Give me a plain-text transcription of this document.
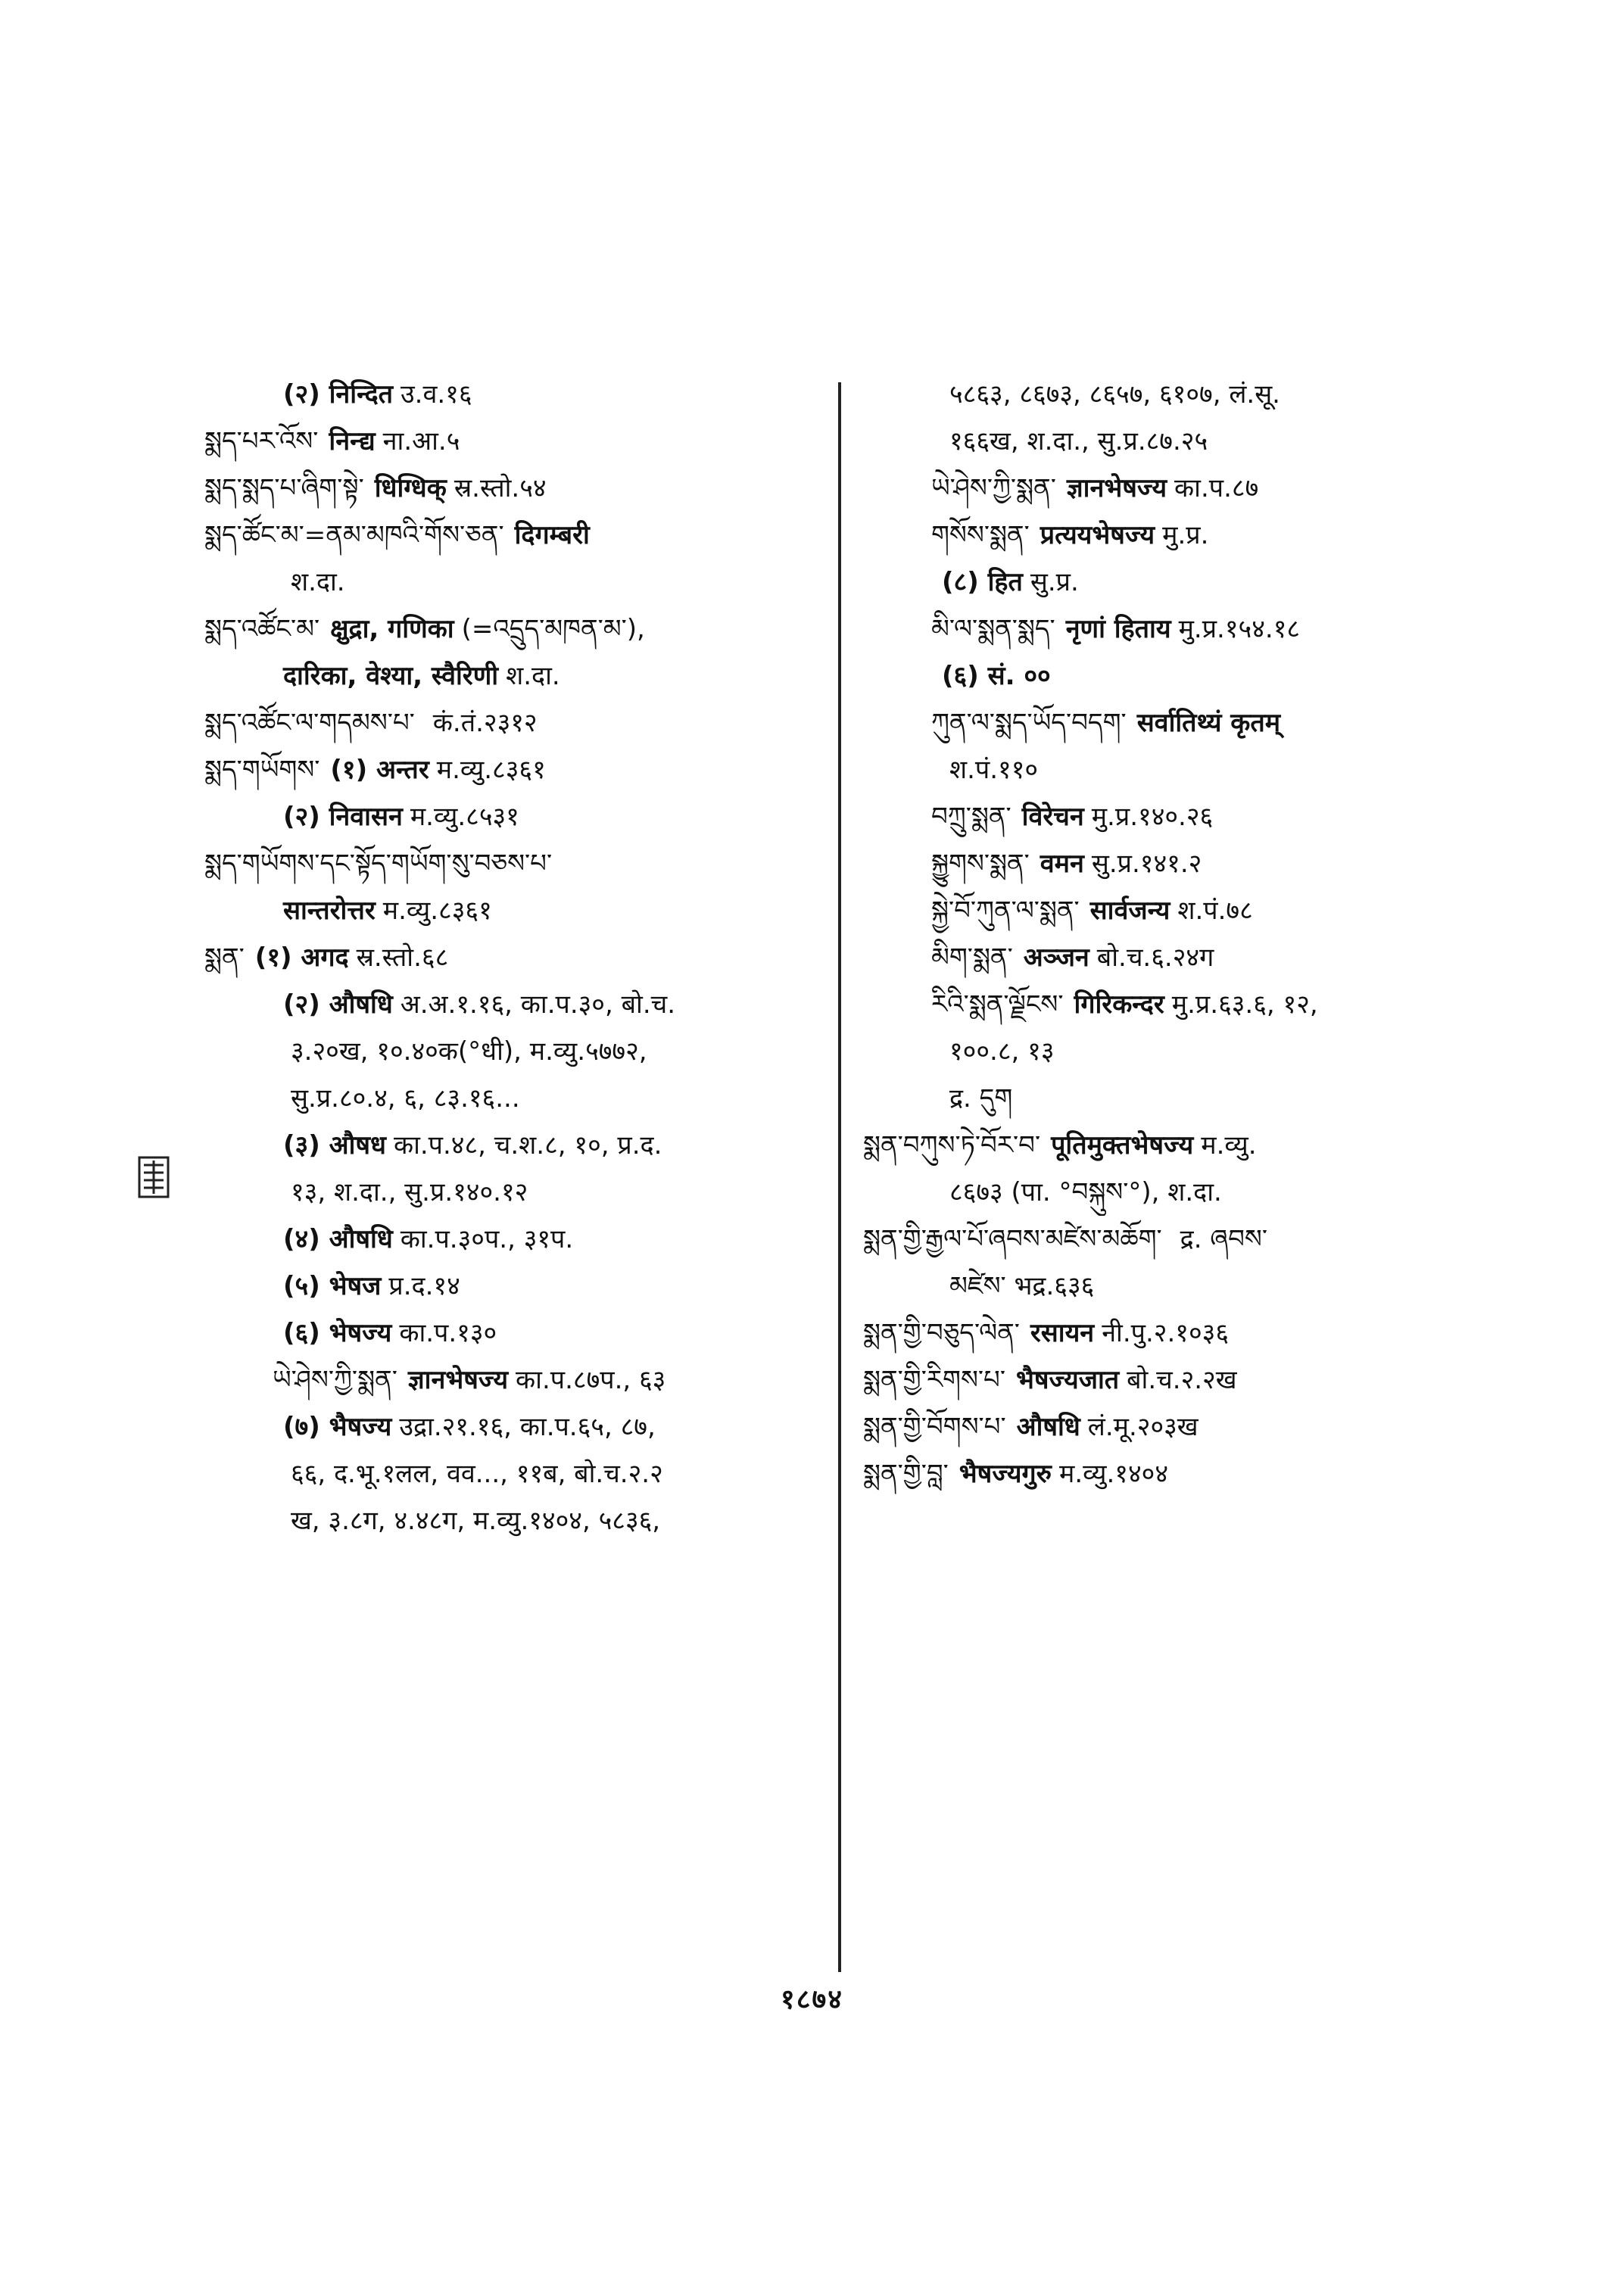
(२) निन्दित उ.व.१६
སྨད་པར་འོས་ निन्द्य ना.आ.५
སྨད་སྨད་པ་ཞིག་སྟེ་ धिग्धिक् स्र.स्तो.५४
སྨད་ཚོང་མ་=ནམ་མཁའི་གོས་ཅན་ दिगम्बरी
श.दा.
སྨད་འཚོང་མ་ क्षुद्रा, गणिका (=འདྲུད་མཁན་མ་),
दारिका, वेश्या, स्वैरिणी श.दा.
སྨད་འཚོང་ལ་གདམས་པ་ कं.तं.२३१२
སྨད་གཡོགས་ (१) अन्तर म.व्यु.८३६१
(२) निवासन म.व्यु.८५३१
སྨད་གཡོགས་དང་སྟོད་གཡོག་སུ་བཅས་པ་
सान्तरोत्तर म.व्यु.८३६१
སྨན་ (१) अगद स्र.स्तो.६८
(२) औषधि अ.अ.१.१६, का.प.३०, बो.च.
३.२०ख, १०.४०क(°धी), म.व्यु.५७७२,
सु.प्र.८०.४, ६, ८३.१६...
(३) औषध का.प.४८, च.श.८, १०, प्र.द.
१३, श.दा., सु.प्र.१४०.१२
(४) औषधि का.प.३०प., ३१प.
(५) भेषज प्र.द.१४
(६) भेषज्य का.प.१३०
ཡེ་ཤེས་ཀྱི་སྨན་ ज्ञानभेषज्य का.प.८७प., ६३
(७) भैषज्य उद्रा.२१.१६, का.प.६५, ८७,
६६, द.भू.१लल, वव..., ११ब, बो.च.२.२
ख, ३.८ग, ४.४८ग, म.व्यु.१४०४, ५८३६,
५८६३, ८६७३, ८६५७, ६१०७, लं.सू.
१६६ख, श.दा., सु.प्र.८७.२५
ཡེ་ཤེས་ཀྱི་སྨན་ ज्ञानभेषज्य का.प.८७
གསོས་སྨན་ प्रत्ययभेषज्य मु.प्र.
(८) हित सु.प्र.
མི་ལ་སྨན་སྨད་ नृणां हिताय मु.प्र.१५४.१८
(६) सं. ००
ཀུན་ལ་སྨད་ཡོད་བདག་ सर्वातिथ्यं कृतम्
श.पं.११०
བཀྲུ་སྨན་ विरेचन मु.प्र.१४०.२६
སྐྱུགས་སྨན་ वमन सु.प्र.१४१.२
སྐྱེ་བོ་ཀུན་ལ་སྨན་ सार्वजन्य श.पं.७८
མིག་སྨན་ अञ्जन बो.च.६.२४ग
རིའི་སྨན་ལྗོངས་ गिरिकन्दर मु.प्र.६३.६, १२,
१००.८, १३
द्र. དུག
སྨན་བཀུས་ཏེ་བོར་བ་ पूतिमुक्तभेषज्य म.व्यु.
८६७३ (पा. °བསྐུས་°), श.दा.
སྨན་གྱི་རྒྱལ་པོ་ཞབས་མཛེས་མཆོག་ द्र. ཞབས་
མཛེས་ भद्र.६३६
སྨན་གྱི་བཅུད་ལེན་ रसायन नी.पु.२.१०३६
སྨན་གྱི་རིགས་པ་ भैषज्यजात बो.च.२.२ख
སྨན་གྱི་བོགས་པ་ औषधि लं.मू.२०३ख
སྨན་གྱི་བླ་ भैषज्यगुरु म.व्यु.१४०४
१८७४
